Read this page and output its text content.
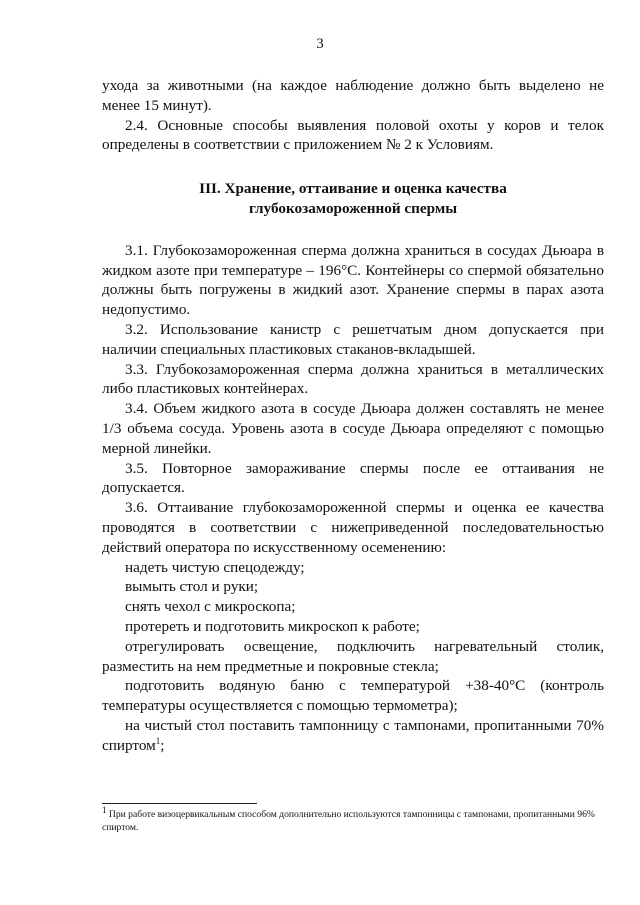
3

ухода за животными (на каждое наблюдение должно быть выделено не менее 15 минут).

2.4. Основные способы выявления половой охоты у коров и телок определены в соответствии с приложением № 2 к Условиям.

III. Хранение, оттаивание и оценка качества
глубокозамороженной спермы

3.1. Глубокозамороженная сперма должна храниться в сосудах Дьюара в жидком азоте при температуре – 196°С. Контейнеры со спермой обязательно должны быть погружены в жидкий азот. Хранение спермы в парах азота недопустимо.

3.2. Использование канистр с решетчатым дном допускается при наличии специальных пластиковых стаканов-вкладышей.

3.3. Глубокозамороженная сперма должна храниться в металлических либо пластиковых контейнерах.

3.4. Объем жидкого азота в сосуде Дьюара должен составлять не менее 1/3 объема сосуда. Уровень азота в сосуде Дьюара определяют с помощью мерной линейки.

3.5. Повторное замораживание спермы после ее оттаивания не допускается.

3.6. Оттаивание глубокозамороженной спермы и оценка ее качества проводятся в соответствии с нижеприведенной последовательностью действий оператора по искусственному осеменению:

надеть чистую спецодежду;

вымыть стол и руки;

снять чехол с микроскопа;

протереть и подготовить микроскоп к работе;

отрегулировать освещение, подключить нагревательный столик, разместить на нем предметные и покровные стекла;

подготовить водяную баню с температурой +38-40°С (контроль температуры осуществляется с помощью термометра);

на чистый стол поставить тампонницу с тампонами, пропитанными 70% спиртом$^1$;

$^1$ При работе визоцервикальным способом дополнительно используются тампонницы с тампонами, пропитанными 96% спиртом.
